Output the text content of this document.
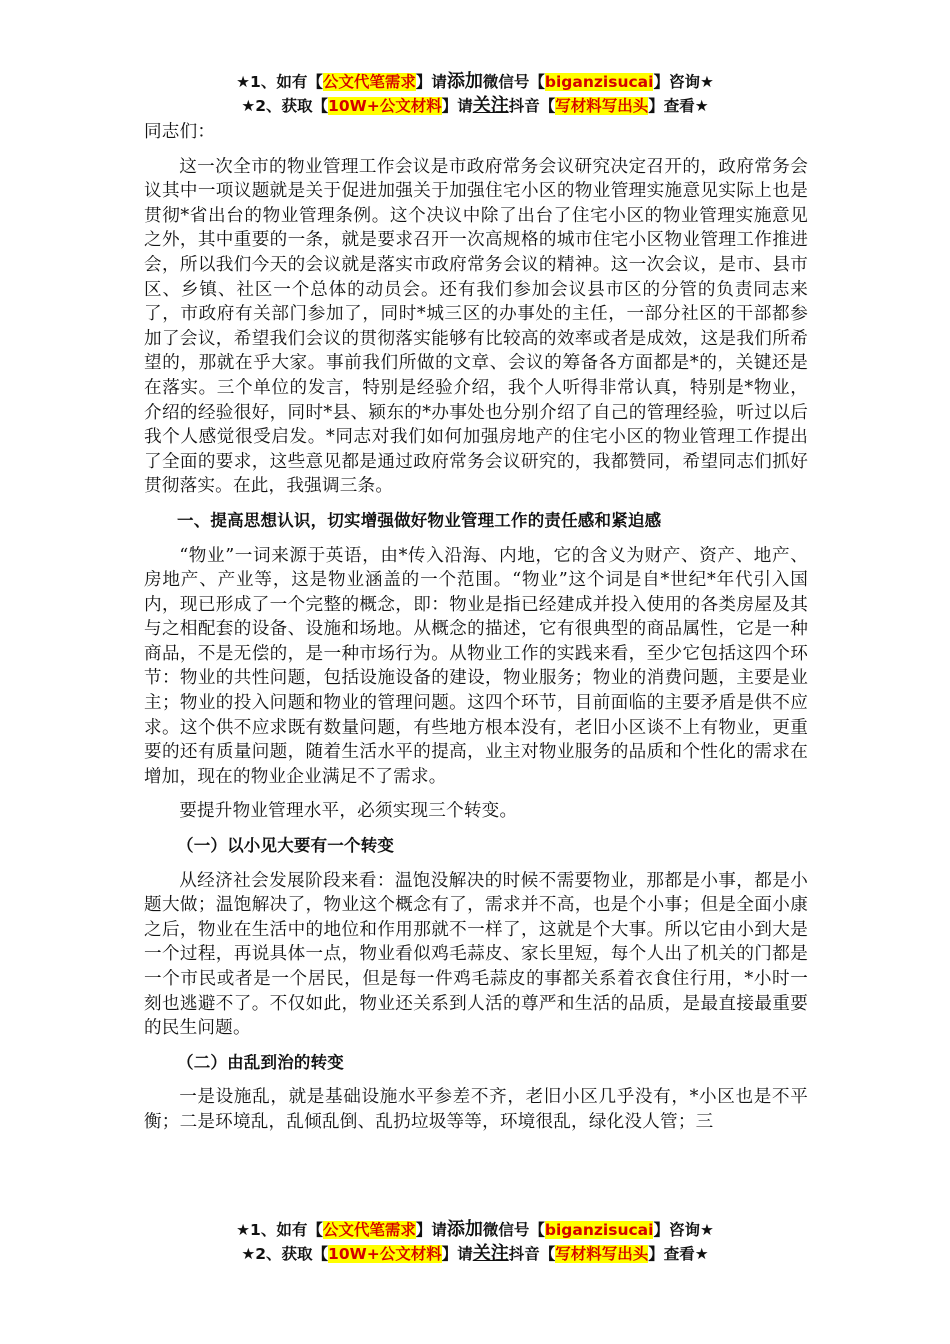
★1、如有【公文代笔需求】请添加微信号【biganzisucai】咨询★
★2、获取【10W+公文材料】请关注抖音【写材料写出头】查看★

同志们：

这一次全市的物业管理工作会议是市政府常务会议研究决定召开的，政府常务会议其中一项议题就是关于促进加强关于加强住宅小区的物业管理实施意见实际上也是贯彻*省出台的物业管理条例。这个决议中除了出台了住宅小区的物业管理实施意见之外，其中重要的一条，就是要求召开一次高规格的城市住宅小区物业管理工作推进会，所以我们今天的会议就是落实市政府常务会议的精神。这一次会议，是市、县市区、乡镇、社区一个总体的动员会。还有我们参加会议县市区的分管的负责同志来了，市政府有关部门参加了，同时*城三区的办事处的主任，一部分社区的干部都参加了会议，希望我们会议的贯彻落实能够有比较高的效率或者是成效，这是我们所希望的，那就在乎大家。事前我们所做的文章、会议的筹备各方面都是*的，关键还是在落实。三个单位的发言，特别是经验介绍，我个人听得非常认真，特别是*物业，介绍的经验很好，同时*县、颍东的*办事处也分别介绍了自己的管理经验，听过以后我个人感觉很受启发。*同志对我们如何加强房地产的住宅小区的物业管理工作提出了全面的要求，这些意见都是通过政府常务会议研究的，我都赞同，希望同志们抓好贯彻落实。在此，我强调三条。

一、提高思想认识，切实增强做好物业管理工作的责任感和紧迫感

“物业”一词来源于英语，由*传入沿海、内地，它的含义为财产、资产、地产、房地产、产业等，这是物业涵盖的一个范围。“物业”这个词是自*世纪*年代引入国内，现已形成了一个完整的概念，即：物业是指已经建成并投入使用的各类房屋及其与之相配套的设备、设施和场地。从概念的描述，它有很典型的商品属性，它是一种商品，不是无偿的，是一种市场行为。从物业工作的实践来看，至少它包括这四个环节：物业的共性问题，包括设施设备的建设，物业服务；物业的消费问题，主要是业主；物业的投入问题和物业的管理问题。这四个环节，目前面临的主要矛盾是供不应求。这个供不应求既有数量问题，有些地方根本没有，老旧小区谈不上有物业，更重要的还有质量问题，随着生活水平的提高，业主对物业服务的品质和个性化的需求在增加，现在的物业企业满足不了需求。

要提升物业管理水平，必须实现三个转变。

（一）以小见大要有一个转变

从经济社会发展阶段来看：温饱没解决的时候不需要物业，那都是小事，都是小题大做；温饱解决了，物业这个概念有了，需求并不高，也是个小事；但是全面小康之后，物业在生活中的地位和作用那就不一样了，这就是个大事。所以它由小到大是一个过程，再说具体一点，物业看似鸡毛蒜皮、家长里短，每个人出了机关的门都是一个市民或者是一个居民，但是每一件鸡毛蒜皮的事都关系着衣食住行用，*小时一刻也逃避不了。不仅如此，物业还关系到人活的尊严和生活的品质，是最直接最重要的民生问题。

（二）由乱到治的转变

一是设施乱，就是基础设施水平参差不齐，老旧小区几乎没有，*小区也是不平衡；二是环境乱，乱倾乱倒、乱扔垃圾等等，环境很乱，绿化没人管；三

★1、如有【公文代笔需求】请添加微信号【biganzisucai】咨询★
★2、获取【10W+公文材料】请关注抖音【写材料写出头】查看★
